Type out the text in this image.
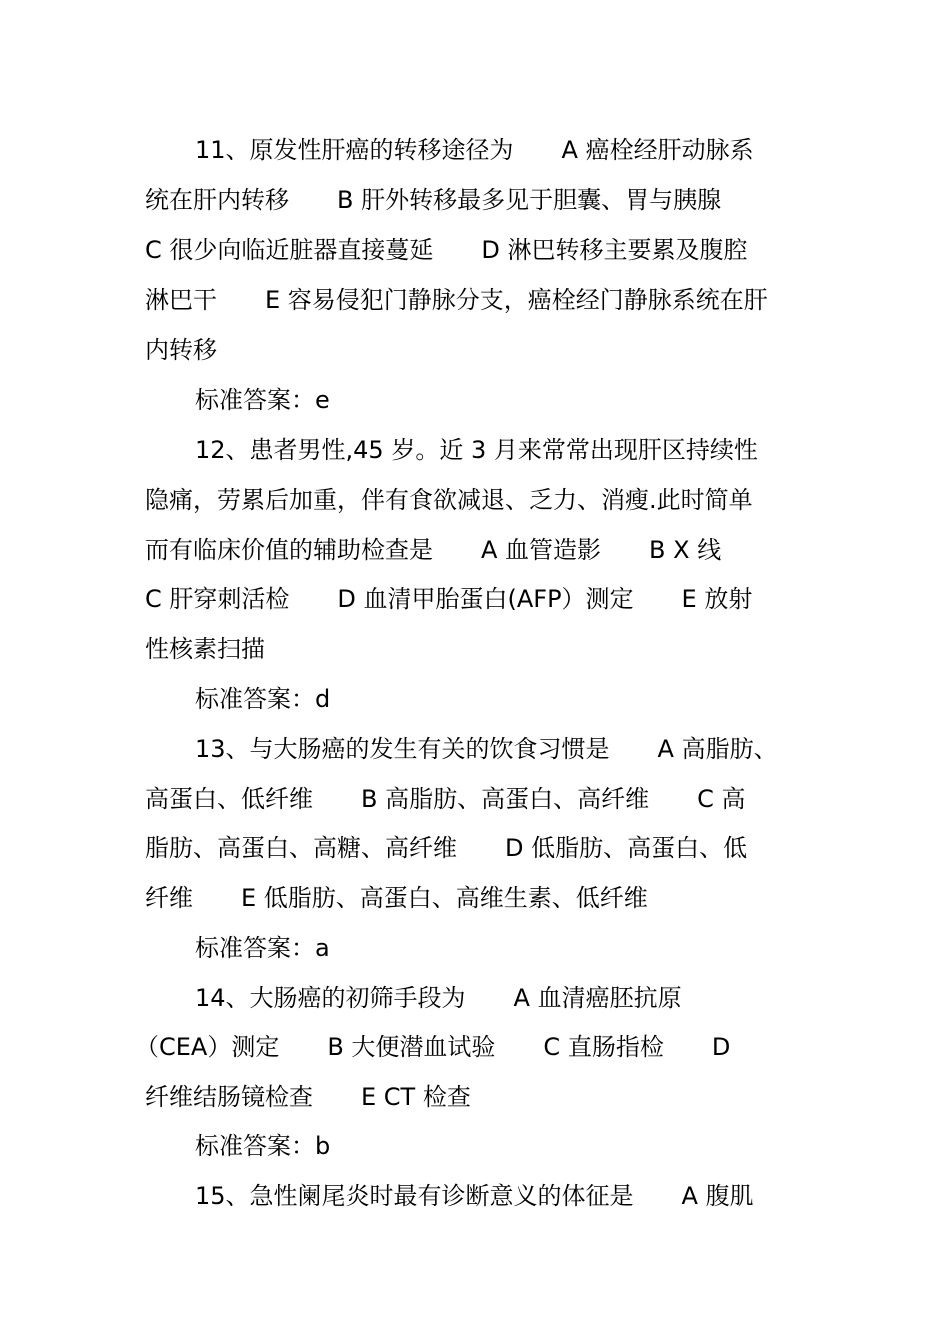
11、原发性肝癌的转移途径为　　A 癌栓经肝动脉系
统在肝内转移　　B 肝外转移最多见于胆囊、胃与胰腺
C 很少向临近脏器直接蔓延　　D 淋巴转移主要累及腹腔
淋巴干　　E 容易侵犯门静脉分支，癌栓经门静脉系统在肝
内转移
标准答案：e
12、患者男性,45 岁。近 3 月来常常出现肝区持续性
隐痛，劳累后加重，伴有食欲减退、乏力、消瘦.此时简单
而有临床价值的辅助检查是　　A 血管造影　　B X 线
C 肝穿刺活检　　D 血清甲胎蛋白(AFP）测定　　E 放射
性核素扫描
标准答案：d
13、与大肠癌的发生有关的饮食习惯是　　A 高脂肪、
高蛋白、低纤维　　B 高脂肪、高蛋白、高纤维　　C 高
脂肪、高蛋白、高糖、高纤维　　D 低脂肪、高蛋白、低
纤维　　E 低脂肪、高蛋白、高维生素、低纤维
标准答案：a
14、大肠癌的初筛手段为　　A 血清癌胚抗原
（CEA）测定　　B 大便潜血试验　　C 直肠指检　　D
纤维结肠镜检查　　E CT 检查
标准答案：b
15、急性阑尾炎时最有诊断意义的体征是　　A 腹肌
